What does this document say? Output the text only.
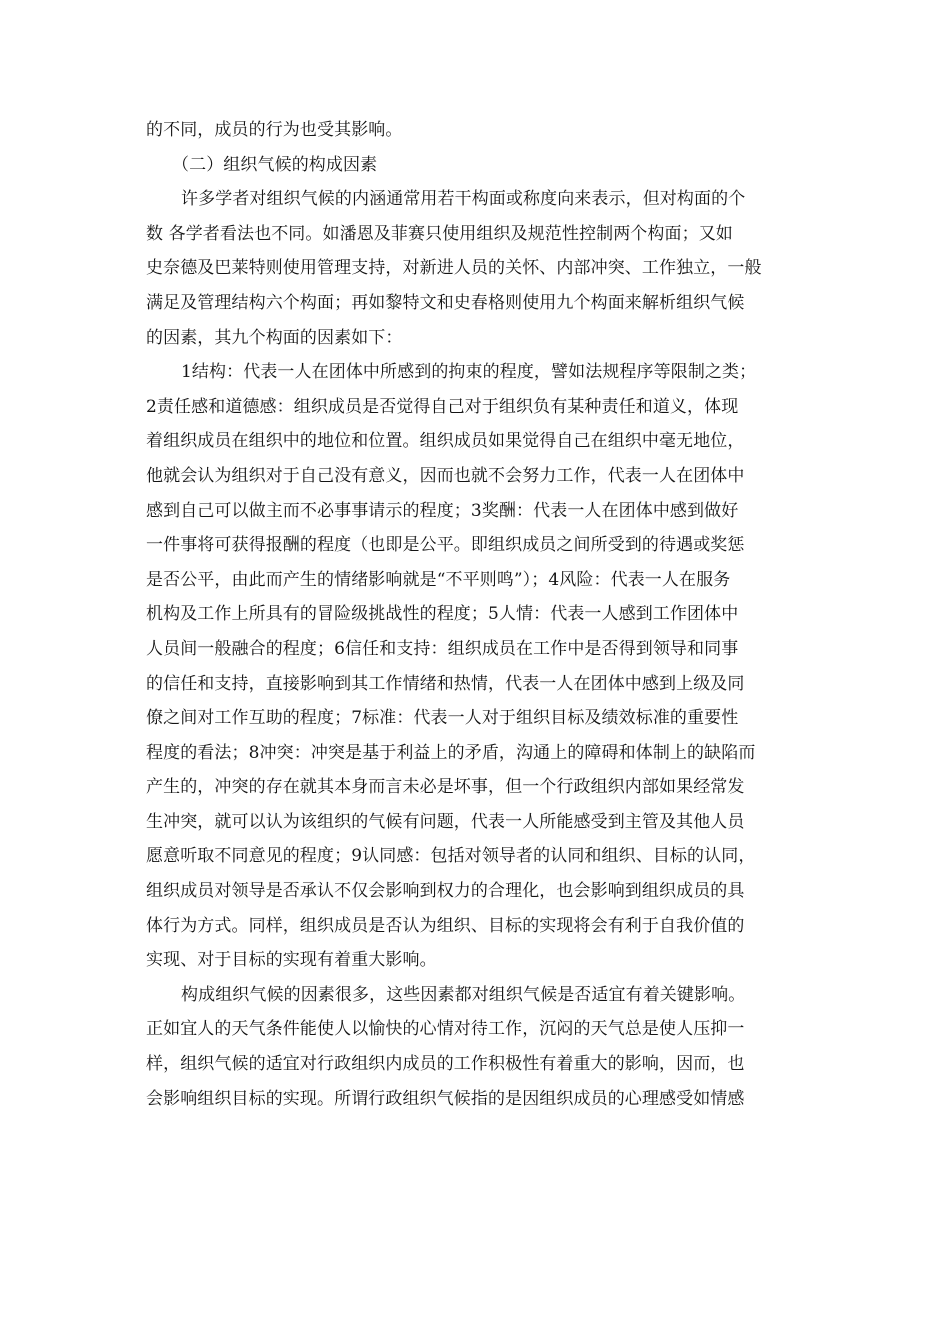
的不同，成员的行为也受其影响。
（二）组织气候的构成因素
许多学者对组织气候的内涵通常用若干构面或称度向来表示，但对构面的个
数 各学者看法也不同。如潘恩及菲赛只使用组织及规范性控制两个构面；又如
史奈德及巴莱特则使用管理支持，对新进人员的关怀、内部冲突、工作独立，一般
满足及管理结构六个构面；再如黎特文和史春格则使用九个构面来解析组织气候
的因素，其九个构面的因素如下：
1结构：代表一人在团体中所感到的拘束的程度，譬如法规程序等限制之类；
2责任感和道德感：组织成员是否觉得自己对于组织负有某种责任和道义，体现
着组织成员在组织中的地位和位置。组织成员如果觉得自己在组织中毫无地位，
他就会认为组织对于自己没有意义，因而也就不会努力工作，代表一人在团体中
感到自己可以做主而不必事事请示的程度；3奖酬：代表一人在团体中感到做好
一件事将可获得报酬的程度（也即是公平。即组织成员之间所受到的待遇或奖惩
是否公平，由此而产生的情绪影响就是“不平则鸣”）；4风险：代表一人在服务
机构及工作上所具有的冒险级挑战性的程度；5人情：代表一人感到工作团体中
人员间一般融合的程度；6信任和支持：组织成员在工作中是否得到领导和同事
的信任和支持，直接影响到其工作情绪和热情，代表一人在团体中感到上级及同
僚之间对工作互助的程度；7标准：代表一人对于组织目标及绩效标准的重要性
程度的看法；8冲突：冲突是基于利益上的矛盾，沟通上的障碍和体制上的缺陷而
产生的，冲突的存在就其本身而言未必是坏事，但一个行政组织内部如果经常发
生冲突，就可以认为该组织的气候有问题，代表一人所能感受到主管及其他人员
愿意听取不同意见的程度；9认同感：包括对领导者的认同和组织、目标的认同，
组织成员对领导是否承认不仅会影响到权力的合理化，也会影响到组织成员的具
体行为方式。同样，组织成员是否认为组织、目标的实现将会有利于自我价值的
实现、对于目标的实现有着重大影响。
构成组织气候的因素很多，这些因素都对组织气候是否适宜有着关键影响。
正如宜人的天气条件能使人以愉快的心情对待工作，沉闷的天气总是使人压抑一
样，组织气候的适宜对行政组织内成员的工作积极性有着重大的影响，因而，也
会影响组织目标的实现。所谓行政组织气候指的是因组织成员的心理感受如情感
